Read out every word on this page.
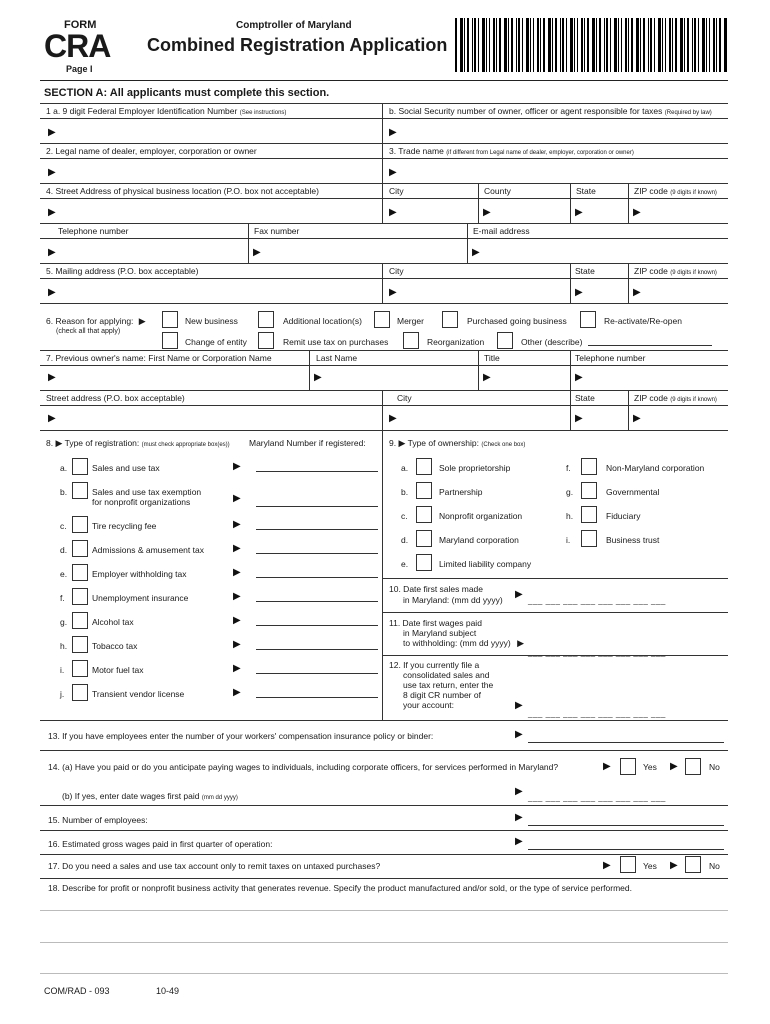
FORM
CRA
Page I
Comptroller of Maryland
Combined Registration Application
SECTION A: All applicants must complete this section.
1 a. 9 digit Federal Employer Identification Number (See instructions)	b. Social Security number of owner, officer or agent responsible for taxes (Required by law)
▶	▶
2. Legal name of dealer, employer, corporation or owner	3. Trade name (if different from Legal name of dealer, employer, corporation or owner)
▶	▶
4. Street Address of physical business location (P.O. box not acceptable)	City	County	State	ZIP code (9 digits if known)
▶	▶	▶	▶	▶
Telephone number	Fax number	E-mail address
▶	▶	▶
5. Mailing address (P.O. box acceptable)	City	State	ZIP code (9 digits if known)
▶	▶	▶	▶
6. Reason for applying: ▶
(check all that apply)
New business	Additional location(s)	Merger	Purchased going business	Re-activate/Re-open
Change of entity	Remit use tax on purchases	Reorganization	Other (describe)
7. Previous owner's name: First Name or Corporation Name	Last Name	Title	Telephone number
▶	▶	▶	▶
Street address (P.O. box acceptable)	City	State	ZIP code (9 digits if known)
▶	▶	▶	▶
8. ▶ Type of registration: (must check appropriate box(es)) Maryland Number if registered:
a.	Sales and use tax	▶
b.	Sales and use tax exemption
for nonprofit organizations	▶
c.	Tire recycling fee	▶
d.	Admissions & amusement tax	▶
e.	Employer withholding tax	▶
f.	Unemployment insurance	▶
g.	Alcohol tax	▶
h.	Tobacco tax	▶
i.	Motor fuel tax	▶
j.	Transient vendor license	▶
9. ▶ Type of ownership: (Check one box)
a.	Sole proprietorship
b.	Partnership
c.	Nonprofit organization
d.	Maryland corporation
e.	Limited liability company
f.	Non-Maryland corporation
g.	Governmental
h.	Fiduciary
i.	Business trust
10. Date first sales made
in Maryland: (mm dd yyyy) ▶
___ ___ ___ ___ ___ ___ ___ ___
11. Date first wages paid
in Maryland subject
to withholding: (mm dd yyyy) ▶
___ ___ ___ ___ ___ ___ ___ ___
12. If you currently file a
consolidated sales and
use tax return, enter the
8 digit CR number of
your account:	▶
___ ___ ___ ___ ___ ___ ___ ___
13. If you have employees enter the number of your workers' compensation insurance policy or binder:	▶
14. (a) Have you paid or do you anticipate paying wages to individuals, including corporate officers, for services performed in Maryland?	▶	Yes ▶	No
(b) If yes, enter date wages first paid (mm dd yyyy)
▶
___ ___ ___ ___ ___ ___ ___ ___
15. Number of employees:	▶
16. Estimated gross wages paid in first quarter of operation:	▶
17. Do you need a sales and use tax account only to remit taxes on untaxed purchases?	▶	Yes ▶	No
18. Describe for profit or nonprofit business activity that generates revenue. Specify the product manufactured and/or sold, or the type of service performed.
COM/RAD - 093	10-49
